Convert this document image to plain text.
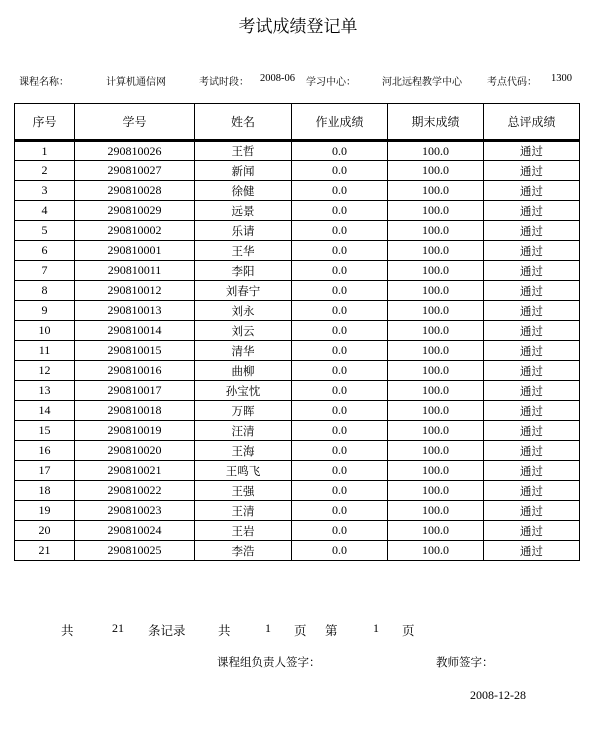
考试成绩登记单
课程名称：	计算机通信网	考试时段： 2008-06 学习中心：	河北远程教学中心	考点代码： 1300
序号	学号	姓名	作业成绩	期末成绩	总评成绩
1	290810026	王哲	0.0	100.0	通过
2	290810027	新闻	0.0	100.0	通过
3	290810028	徐健	0.0	100.0	通过
4	290810029	远景	0.0	100.0	通过
5	290810002	乐请	0.0	100.0	通过
6	290810001	王华	0.0	100.0	通过
7	290810011	李阳	0.0	100.0	通过
8	290810012	刘春宁	0.0	100.0	通过
9	290810013	刘永	0.0	100.0	通过
10	290810014	刘云	0.0	100.0	通过
11	290810015	清华	0.0	100.0	通过
12	290810016	曲柳	0.0	100.0	通过
13	290810017	孙宝忱	0.0	100.0	通过
14	290810018	万晖	0.0	100.0	通过
15	290810019	汪清	0.0	100.0	通过
16	290810020	王海	0.0	100.0	通过
17	290810021	王鸣飞	0.0	100.0	通过
18	290810022	王强	0.0	100.0	通过
19	290810023	王清	0.0	100.0	通过
20	290810024	王岩	0.0	100.0	通过
21	290810025	李浩	0.0	100.0	通过
共	21 条记录	共	1 页 第	1 页
课程组负责人签字：	教师签字：
2008-12-28
